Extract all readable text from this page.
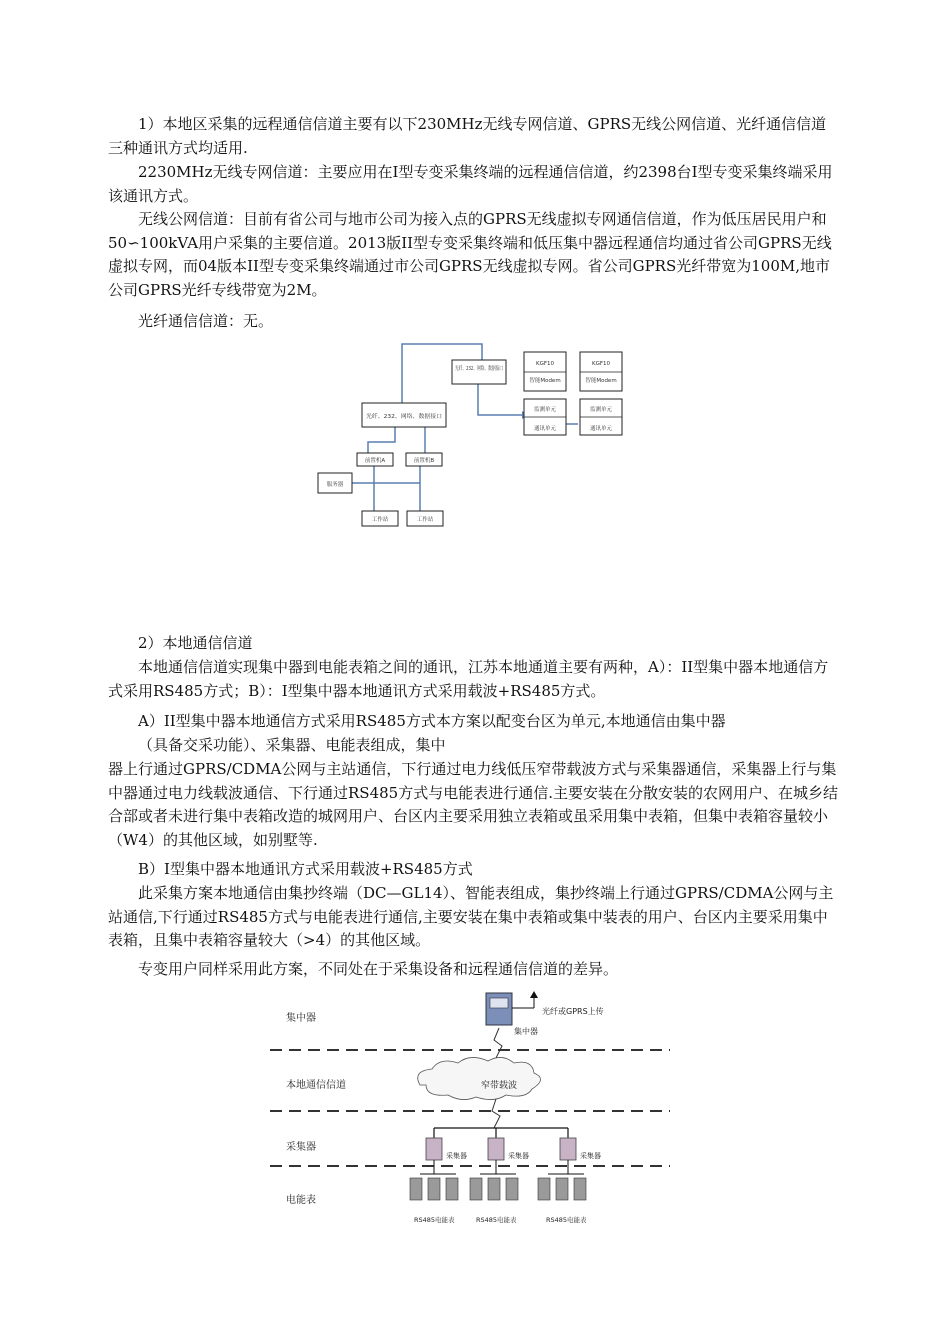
1）本地区采集的远程通信信道主要有以下230MHz无线专网信道、GPRS无线公网信道、光纤通信信道三种通讯方式均适用.

2230MHz无线专网信道：主要应用在I型专变采集终端的远程通信信道，约2398台I型专变采集终端采用该通讯方式。

无线公网信道：目前有省公司与地市公司为接入点的GPRS无线虚拟专网通信信道，作为低压居民用户和50∽100kVA用户采集的主要信道。2013版II型专变采集终端和低压集中器远程通信均通过省公司GPRS无线虚拟专网，而04版本II型专变采集终端通过市公司GPRS无线虚拟专网。省公司GPRS光纤带宽为100M,地市公司GPRS光纤专线带宽为2M。

光纤通信信道：无。

光纤、232、网络、数据接口
KGF10	KGF10
智能Modem	智能Modem
监测单元
通讯单元
监测单元
通讯单元
光纤、232、网络、数据接口
前置机A	前置机B
服务器
工作站	工作站

2）本地通信信道

本地通信信道实现集中器到电能表箱之间的通讯，江苏本地通道主要有两种，A）：II型集中器本地通信方式采用RS485方式；B）：I型集中器本地通讯方式采用载波+RS485方式。

A）II型集中器本地通信方式采用RS485方式本方案以配变台区为单元,本地通信由集中器
（具备交采功能）、采集器、电能表组成，集中

器上行通过GPRS/CDMA公网与主站通信，下行通过电力线低压窄带载波方式与采集器通信，采集器上行与集中器通过电力线载波通信、下行通过RS485方式与电能表进行通信.主要安装在分散安装的农网用户、在城乡结合部或者未进行集中表箱改造的城网用户、台区内主要采用独立表箱或虽采用集中表箱，但集中表箱容量较小（W4）的其他区域，如别墅等.

B）I型集中器本地通讯方式采用载波+RS485方式

此采集方案本地通信由集抄终端（DC—GL14）、智能表组成，集抄终端上行通过GPRS/CDMA公网与主站通信,下行通过RS485方式与电能表进行通信,主要安装在集中表箱或集中装表的用户、台区内主要采用集中表箱，且集中表箱容量较大（>4）的其他区域。

专变用户同样采用此方案，不同处在于采集设备和远程通信信道的差异。

集中器
本地通信信道
采集器
电能表
光纤或GPRS上传
集中器
窄带载波
采集器	采集器	采集器
RS485电能表	RS485电能表	RS485电能表
